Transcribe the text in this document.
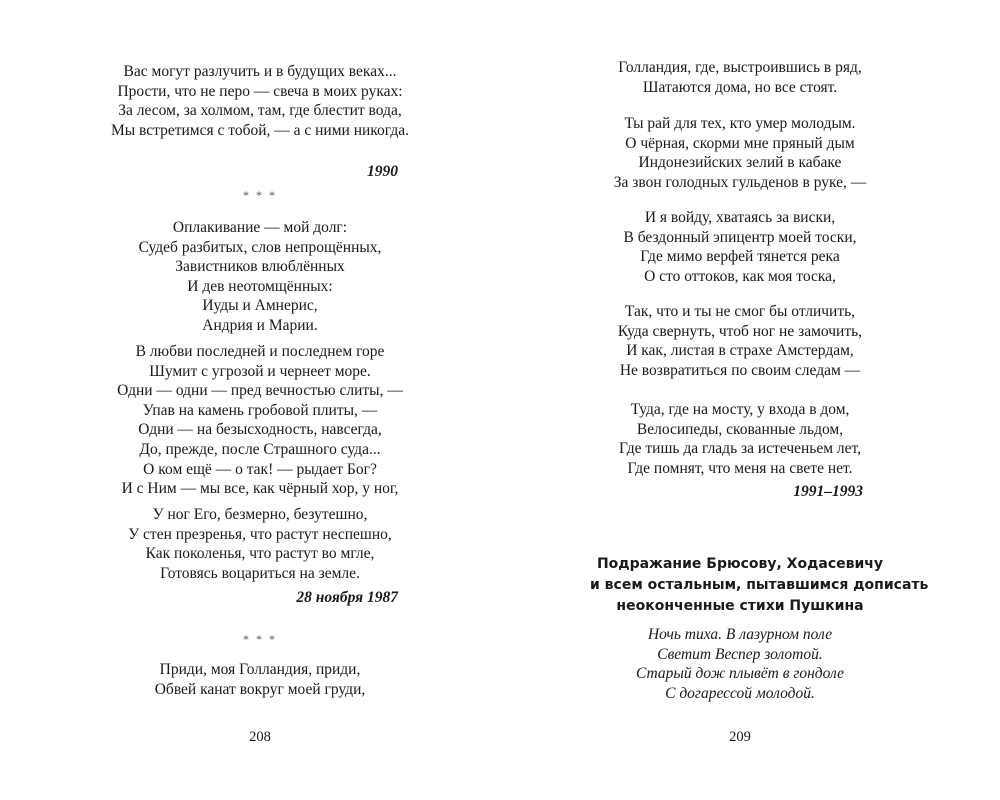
208
Вас могут разлучить и в будущих веках...
Прости, что не перо — свеча в моих руках:
За лесом, за холмом, там, где блестит вода,
Мы встретимся с тобой, — а с ними никогда.
1990
* * *
Оплакивание — мой долг:
Судеб разбитых, слов непрощённых,
Завистников влюблённых
И дев неотомщённых:
Иуды и Амнерис,
Андрия и Марии.
В любви последней и последнем горе
Шумит с угрозой и чернеет море.
Одни — одни — пред вечностью слиты, —
Упав на камень гробовой плиты, —
Одни — на безысходность, навсегда,
До, прежде, после Страшного суда...
О ком ещё — о так! — рыдает Бог?
И с Ним — мы все, как чёрный хор, у ног,
У ног Его, безмерно, безутешно,
У стен презренья, что растут неспешно,
Как поколенья, что растут во мгле,
Готовясь воцариться на земле.
28 ноября 1987
* * *
Приди, моя Голландия, приди,
Обвей канат вокруг моей груди,
209
Голландия, где, выстроившись в ряд,
Шатаются дома, но все стоят.
Ты рай для тех, кто умер молодым.
О чёрная, скорми мне пряный дым
Индонезийских зелий в кабаке
За звон голодных гульденов в руке, —
И я войду, хватаясь за виски,
В бездонный эпицентр моей тоски,
Где мимо верфей тянется река
О сто оттоков, как моя тоска,
Так, что и ты не смог бы отличить,
Куда свернуть, чтоб ног не замочить,
И как, листая в страхе Амстердам,
Не возвратиться по своим следам —
Туда, где на мосту, у входа в дом,
Велосипеды, скованные льдом,
Где тишь да гладь за истеченьем лет,
Где помнят, что меня на свете нет.
1991–1993
Подражание Брюсову, Ходасевичу
и всем остальным, пытавшимся дописать
неоконченные стихи Пушкина
Ночь тиха. В лазурном поле
Светит Веспер золотой.
Старый дож плывёт в гондоле
С догарессой молодой.
